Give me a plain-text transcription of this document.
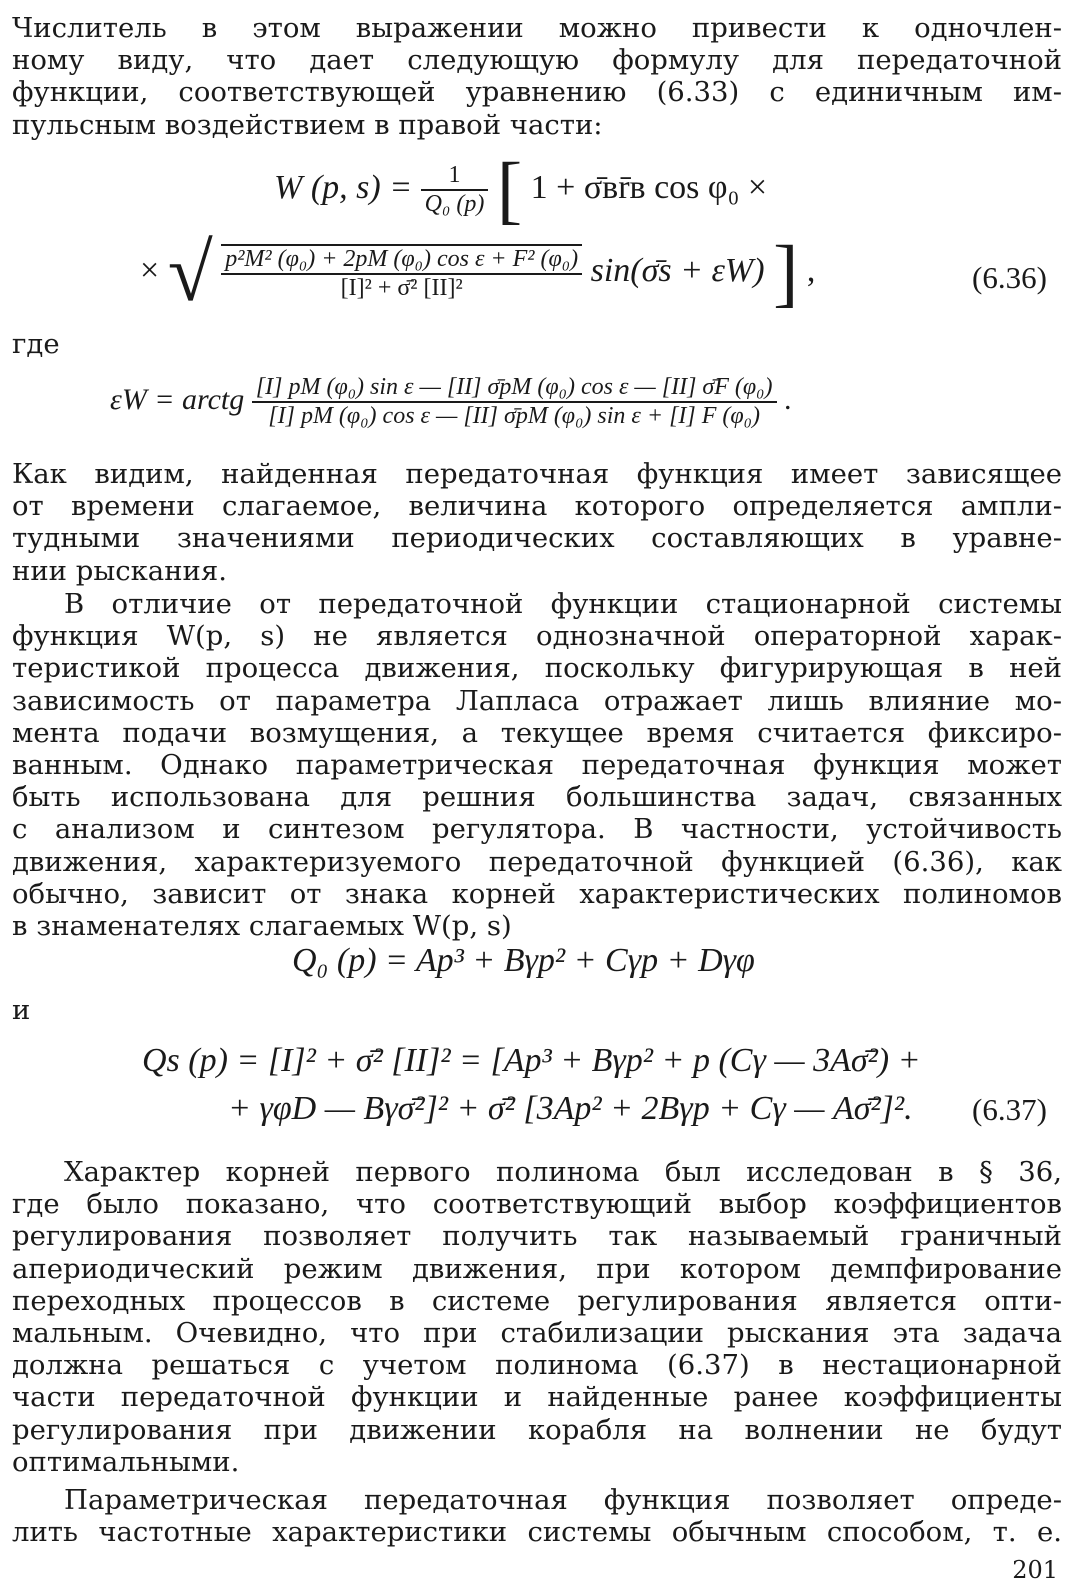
Числитель в этом выражении можно привести к одночлен-
ному виду, что дает следующую формулу для передаточной
функции, соответствующей уравнению (6.33) с единичным им-
пульсным воздействием в правой части:
W (p, $s) = \frac{1}{\text{Q₀ (p)}}$ [ 1 + σ̄вr̄в cos φ₀ ×
× √ $\frac{\text{p²M² (φ₀) + 2pM (φ₀) cos ε + F² (φ₀)}}{\text{[I]² + σ̄² [II]²}}$ sin(σ̄s + εW) ] ,	(6.36)
где
εW = arctg $\frac{\text{[I] pM (φ₀) sin ε — [II] σ̄pM (φ₀) cos ε — [II] σ̄F (φ₀)}}{\text{[I] pM (φ₀) cos ε — [II] σ̄pM (φ₀) sin ε + [I] F (φ₀)}}$ .
Как видим, найденная передаточная функция имеет зависящее
от времени слагаемое, величина которого определяется ампли-
тудными значениями периодических составляющих в уравне-
нии рыскания.
В отличие от передаточной функции стационарной системы
функция W(p, s) не является однозначной операторной харак-
теристикой процесса движения, поскольку фигурирующая в ней
зависимость от параметра Лапласа отражает лишь влияние мо-
мента подачи возмущения, а текущее время считается фиксиро-
ванным. Однако параметрическая передаточная функция может
быть использована для решния большинства задач, связанных
с анализом и синтезом регулятора. В частности, устойчивость
движения, характеризуемого передаточной функцией (6.36), как
обычно, зависит от знака корней характеристических полиномов
в знаменателях слагаемых W(p, s)
Q₀ (p) = Ap³ + Bγp² + Cγp + Dγφ
и
Qs (p) = [I]² + σ̄² [II]² = [Ap³ + Bγp² + p (Cγ — 3Aσ̄²) +
+ γφD — Bγσ̄²]² + σ̄² [3Ap² + 2Bγp + Cγ — Aσ̄²]². (6.37)
Характер корней первого полинома был исследован в § 36,
где было показано, что соответствующий выбор коэффициентов
регулирования позволяет получить так называемый граничный
апериодический режим движения, при котором демпфирование
переходных процессов в системе регулирования является опти-
мальным. Очевидно, что при стабилизации рыскания эта задача
должна решаться с учетом полинома (6.37) в нестационарной
части передаточной функции и найденные ранее коэффициенты
регулирования при движении корабля на волнении не будут
оптимальными.
Параметрическая передаточная функция позволяет опреде-
лить частотные характеристики системы обычным способом, т. е.
201
